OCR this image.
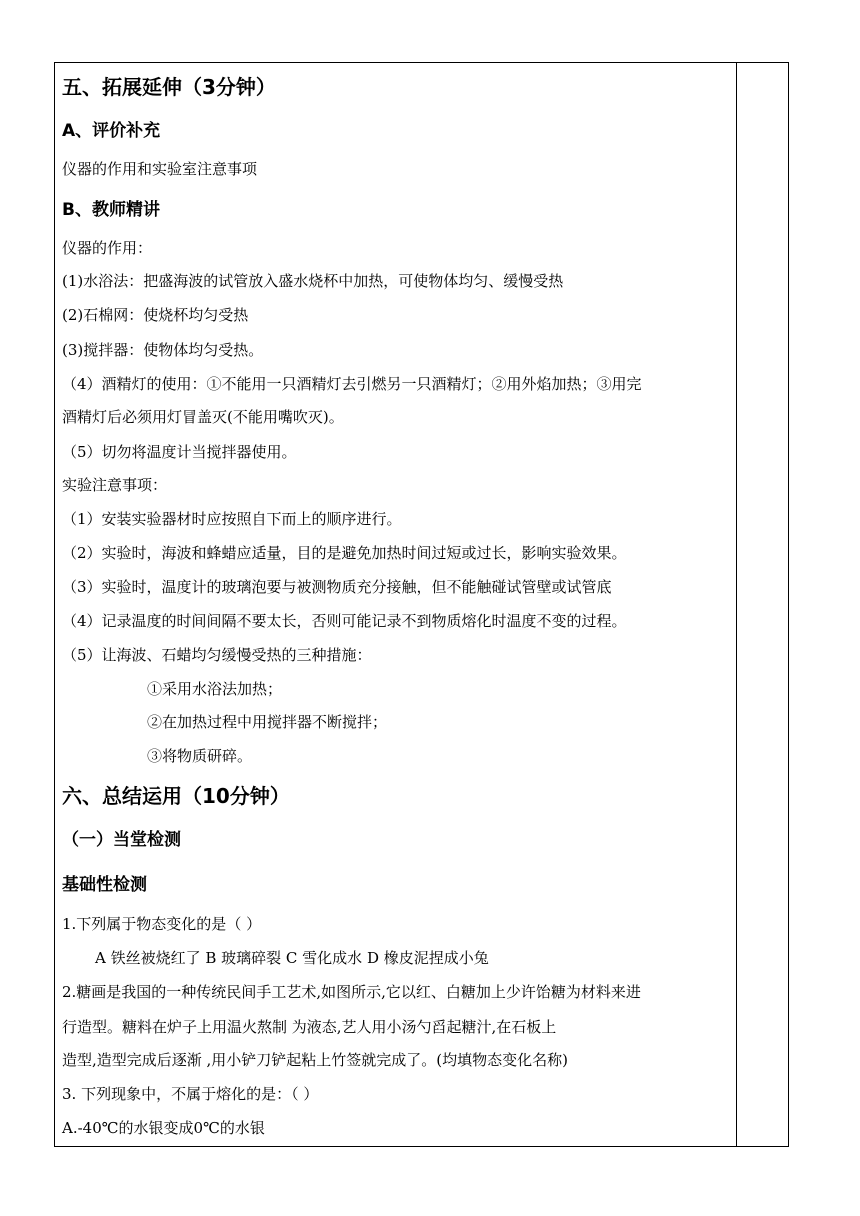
五、拓展延伸（3分钟）
A、评价补充
仪器的作用和实验室注意事项
B、教师精讲
仪器的作用：
(1)水浴法：把盛海波的试管放入盛水烧杯中加热，可使物体均匀、缓慢受热
(2)石棉网：使烧杯均匀受热
(3)搅拌器：使物体均匀受热。
（4）酒精灯的使用：①不能用一只酒精灯去引燃另一只酒精灯；②用外焰加热；③用完
酒精灯后必须用灯冒盖灭(不能用嘴吹灭)。
（5）切勿将温度计当搅拌器使用。
实验注意事项：
（1）安装实验器材时应按照自下而上的顺序进行。
（2）实验时，海波和蜂蜡应适量，目的是避免加热时间过短或过长，影响实验效果。
（3）实验时，温度计的玻璃泡要与被测物质充分接触，但不能触碰试管壁或试管底
（4）记录温度的时间间隔不要太长，否则可能记录不到物质熔化时温度不变的过程。
（5）让海波、石蜡均匀缓慢受热的三种措施：
①采用水浴法加热；
②在加热过程中用搅拌器不断搅拌；
③将物质研碎。
六、总结运用（10分钟）
（一）当堂检测
基础性检测
1.下列属于物态变化的是（ ）
A 铁丝被烧红了 B 玻璃碎裂 C 雪化成水 D 橡皮泥捏成小兔
2.糖画是我国的一种传统民间手工艺术,如图所示,它以红、白糖加上少许饴糖为材料来进
行造型。糖料在炉子上用温火熬制 为液态,艺人用小汤勺舀起糖汁,在石板上
造型,造型完成后逐渐 ,用小铲刀铲起粘上竹签就完成了。(均填物态变化名称)
3. 下列现象中，不属于熔化的是：（ ）
A.-40℃的水银变成0℃的水银
